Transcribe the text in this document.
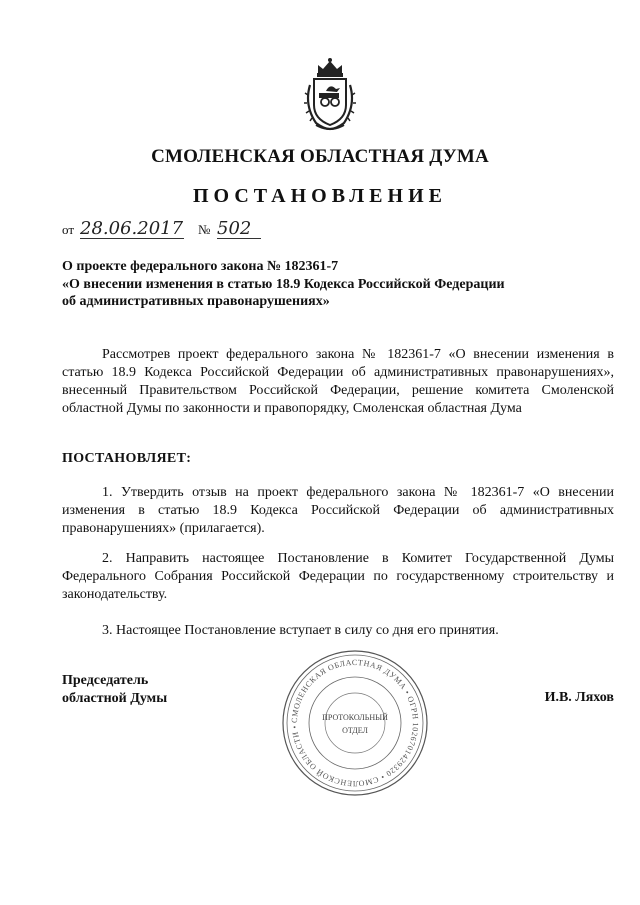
СМОЛЕНСКАЯ ОБЛАСТНАЯ ДУМА
ПОСТАНОВЛЕНИЕ
от 28.06.2017 № 502
О проекте федерального закона № 182361-7
«О внесении изменения в статью 18.9 Кодекса Российской Федерации
об административных правонарушениях»
Рассмотрев проект федерального закона № 182361-7 «О внесении изменения в статью 18.9 Кодекса Российской Федерации об административных правонарушениях», внесенный Правительством Российской Федерации, решение комитета Смоленской областной Думы по законности и правопорядку, Смоленская областная Дума
ПОСТАНОВЛЯЕТ:
1. Утвердить отзыв на проект федерального закона № 182361-7 «О внесении изменения в статью 18.9 Кодекса Российской Федерации об административных правонарушениях» (прилагается).
2. Направить настоящее Постановление в Комитет Государственной Думы Федерального Собрания Российской Федерации по государственному строительству и законодательству.
3. Настоящее Постановление вступает в силу со дня его принятия.
Председатель
областной Думы	И.В. Ляхов
СМОЛЕНСКАЯ ОБЛАСТНАЯ ДУМА • ОГРН 1026701429320 • СМОЛЕНСКОЙ ОБЛАСТИ •
ПРОТОКОЛЬНЫЙ
ОТДЕЛ
